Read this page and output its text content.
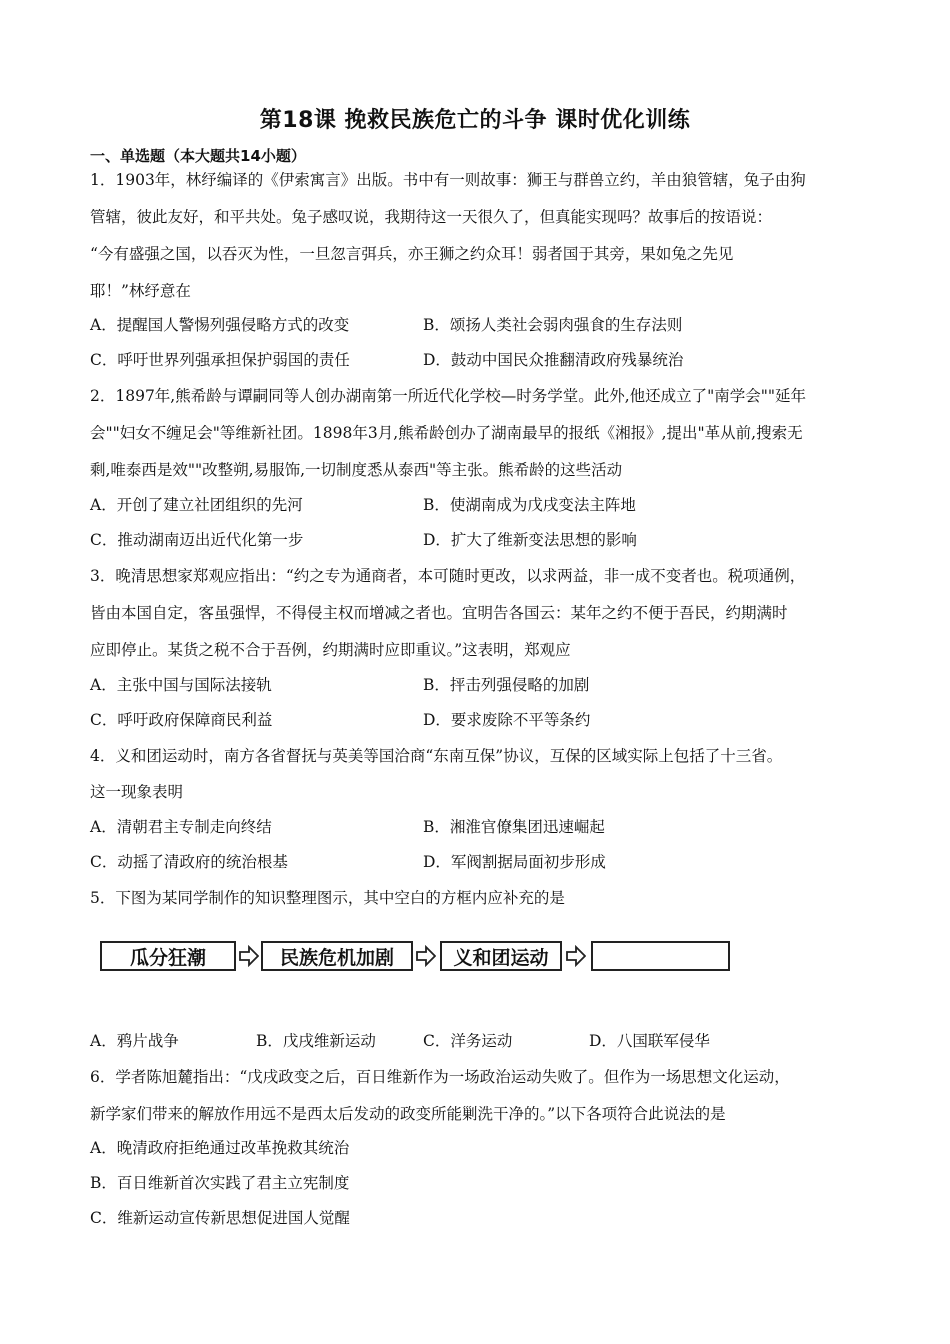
第18课 挽救民族危亡的斗争 课时优化训练
一、单选题（本大题共14小题）
1．1903年，林纾编译的《伊索寓言》出版。书中有一则故事：狮王与群兽立约，羊由狼管辖，兔子由狗
管辖，彼此友好，和平共处。兔子感叹说，我期待这一天很久了，但真能实现吗？故事后的按语说：
“今有盛强之国，以吞灭为性，一旦忽言弭兵，亦王狮之约众耳！弱者国于其旁，果如兔之先见
耶！”林纾意在
A．提醒国人警惕列强侵略方式的改变	B．颂扬人类社会弱肉强食的生存法则
C．呼吁世界列强承担保护弱国的责任	D．鼓动中国民众推翻清政府残暴统治
2．1897年,熊希龄与谭嗣同等人创办湖南第一所近代化学校—时务学堂。此外,他还成立了"南学会""延年
会""妇女不缠足会"等维新社团。1898年3月,熊希龄创办了湖南最早的报纸《湘报》,提出"革从前,搜索无
剩,唯泰西是效""改整朔,易服饰,一切制度悉从泰西"等主张。熊希龄的这些活动
A．开创了建立社团组织的先河	B．使湖南成为戊戌变法主阵地
C．推动湖南迈出近代化第一步	D．扩大了维新变法思想的影响
3．晚清思想家郑观应指出：“约之专为通商者，本可随时更改，以求两益，非一成不变者也。税项通例，
皆由本国自定，客虽强悍，不得侵主权而增减之者也。宜明告各国云：某年之约不便于吾民，约期满时
应即停止。某货之税不合于吾例，约期满时应即重议。”这表明，郑观应
A．主张中国与国际法接轨	B．抨击列强侵略的加剧
C．呼吁政府保障商民利益	D．要求废除不平等条约
4．义和团运动时，南方各省督抚与英美等国洽商“东南互保”协议，互保的区域实际上包括了十三省。
这一现象表明
A．清朝君主专制走向终结	B．湘淮官僚集团迅速崛起
C．动摇了清政府的统治根基	D．军阀割据局面初步形成
5．下图为某同学制作的知识整理图示，其中空白的方框内应补充的是
瓜分狂潮	民族危机加剧	义和团运动
A．鸦片战争	B．戊戌维新运动	C．洋务运动	D．八国联军侵华
6．学者陈旭麓指出：“戊戌政变之后，百日维新作为一场政治运动失败了。但作为一场思想文化运动，
新学家们带来的解放作用远不是西太后发动的政变所能剿洗干净的。”以下各项符合此说法的是
A．晚清政府拒绝通过改革挽救其统治
B．百日维新首次实践了君主立宪制度
C．维新运动宣传新思想促进国人觉醒
